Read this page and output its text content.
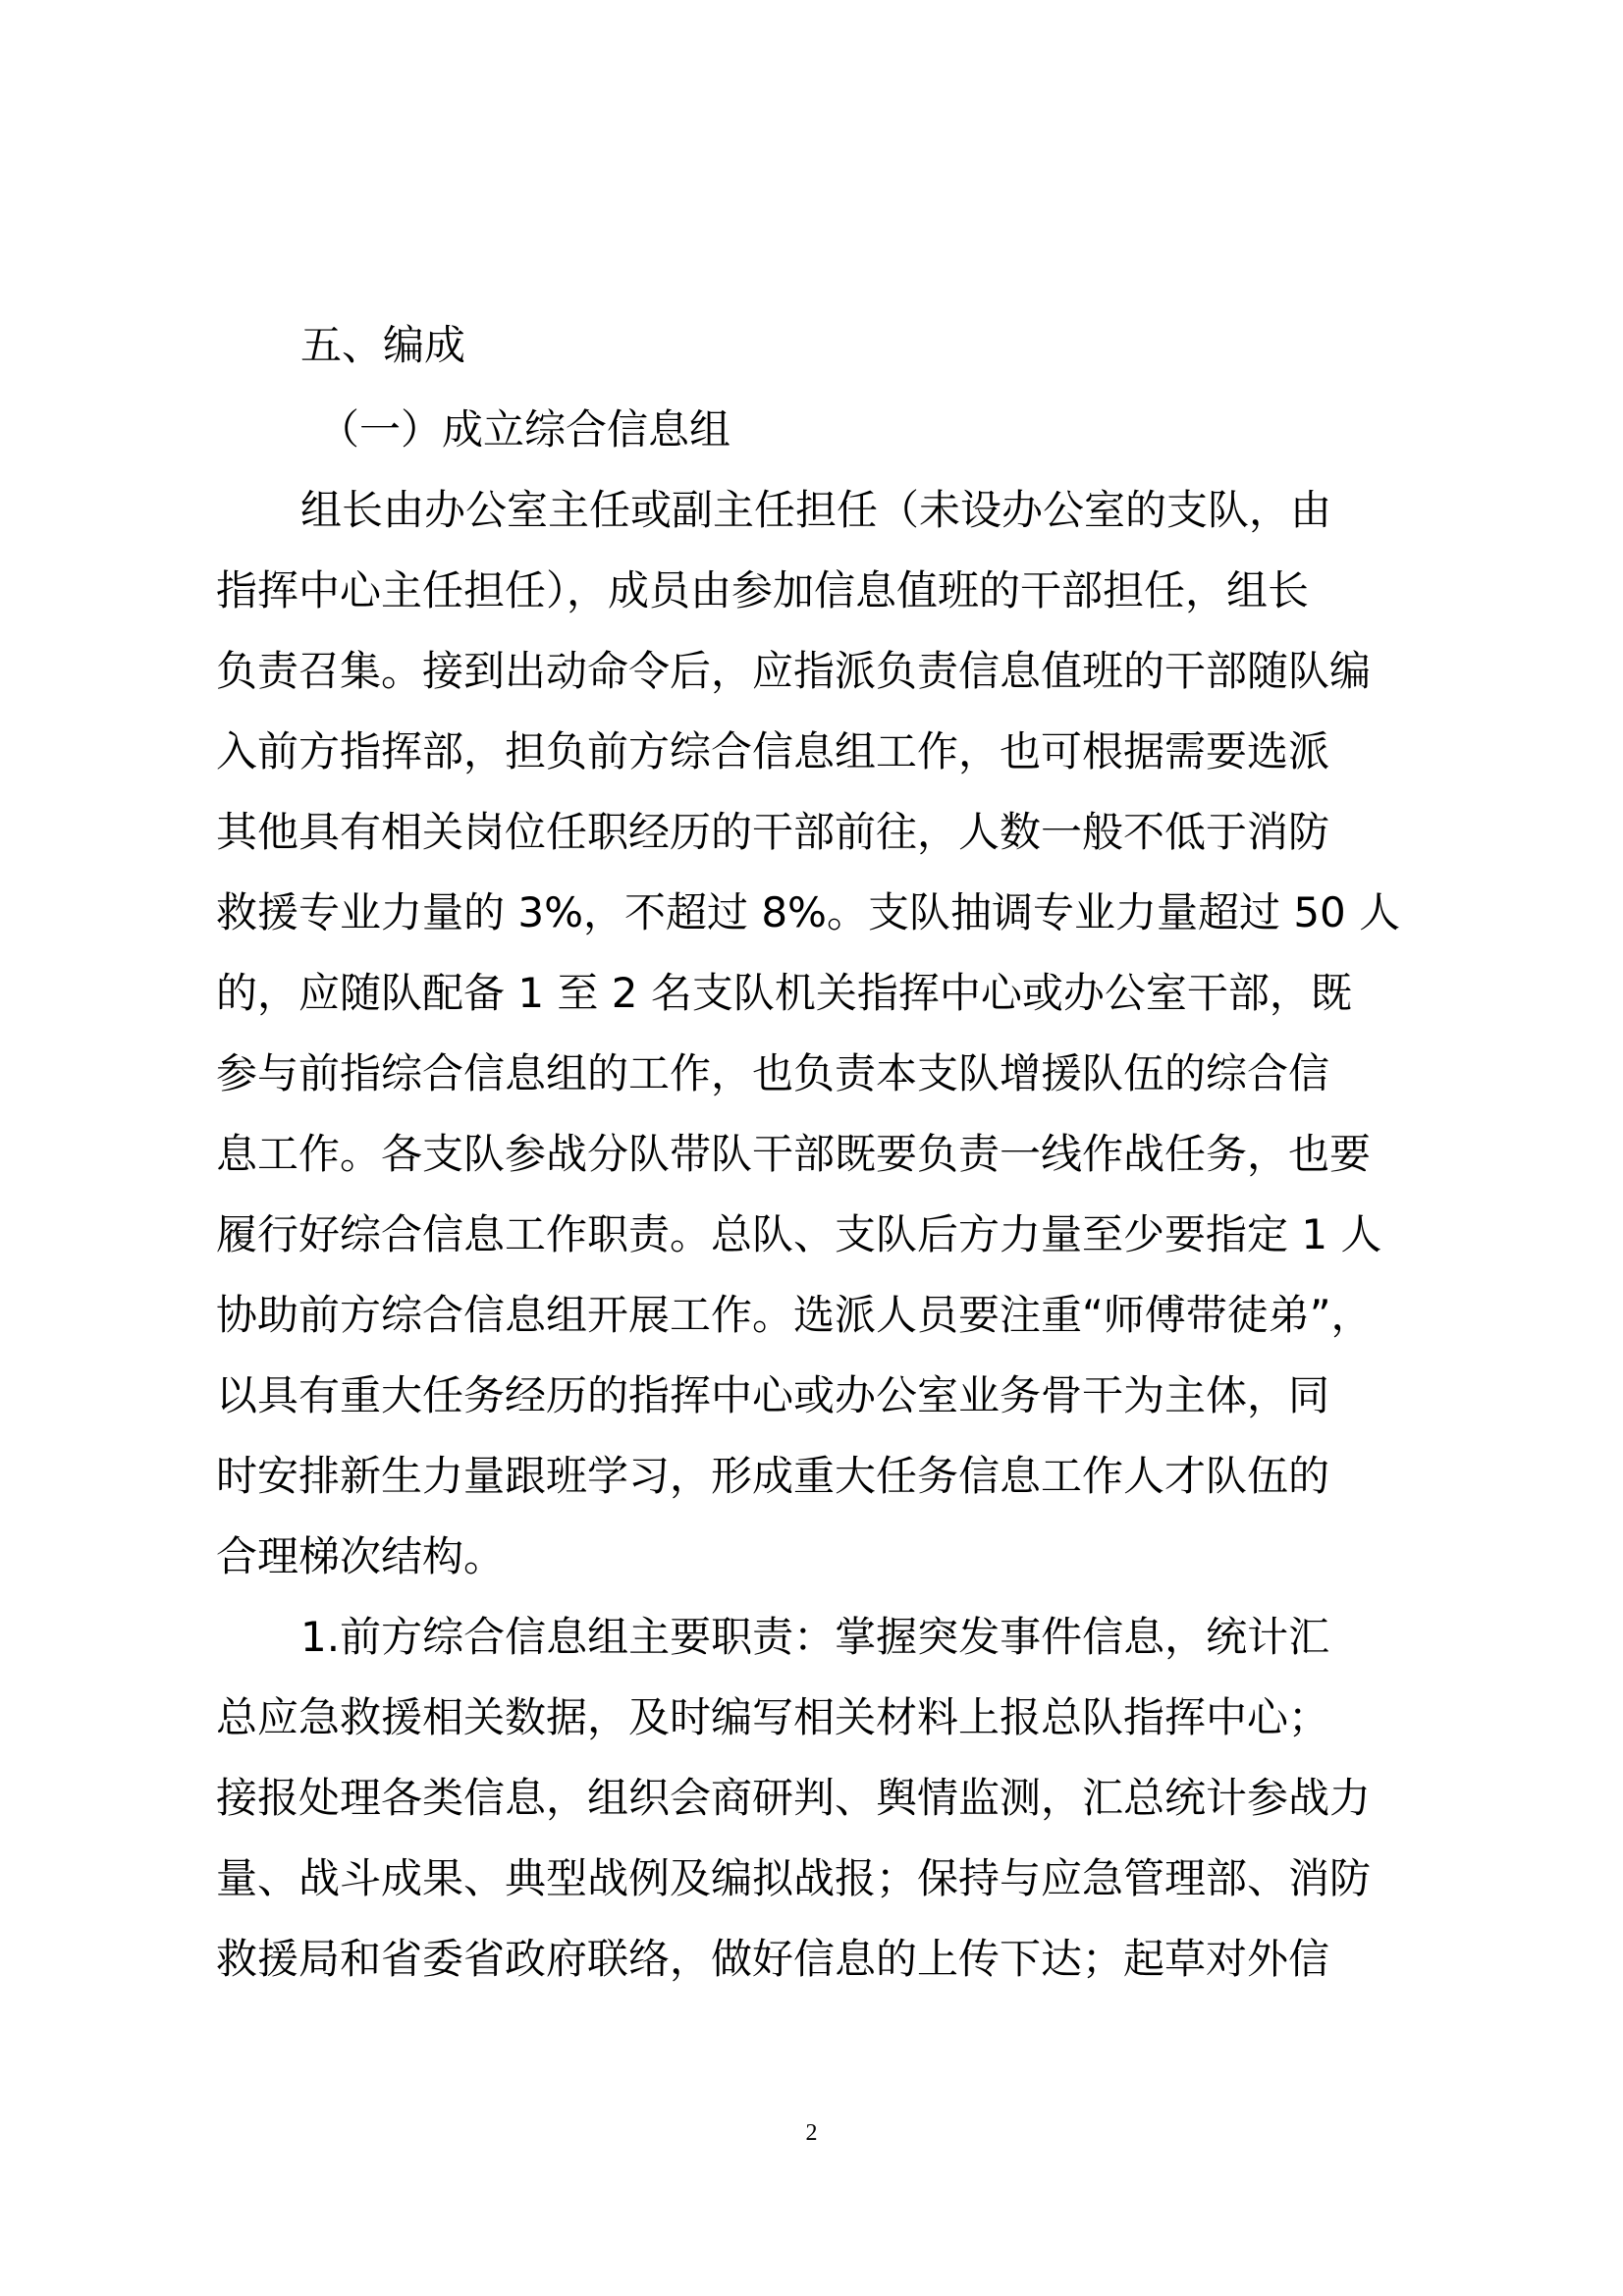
五、编成
（一）成立综合信息组
组长由办公室主任或副主任担任（未设办公室的支队，由
指挥中心主任担任），成员由参加信息值班的干部担任，组长
负责召集。接到出动命令后，应指派负责信息值班的干部随队编
入前方指挥部，担负前方综合信息组工作，也可根据需要选派
其他具有相关岗位任职经历的干部前往，人数一般不低于消防
救援专业力量的 3%，不超过 8%。支队抽调专业力量超过 50 人
的，应随队配备 1 至 2 名支队机关指挥中心或办公室干部，既
参与前指综合信息组的工作，也负责本支队增援队伍的综合信
息工作。各支队参战分队带队干部既要负责一线作战任务，也要
履行好综合信息工作职责。总队、支队后方力量至少要指定 1 人
协助前方综合信息组开展工作。选派人员要注重“师傅带徒弟”，
以具有重大任务经历的指挥中心或办公室业务骨干为主体，同
时安排新生力量跟班学习，形成重大任务信息工作人才队伍的
合理梯次结构。
1.前方综合信息组主要职责：掌握突发事件信息，统计汇
总应急救援相关数据，及时编写相关材料上报总队指挥中心；
接报处理各类信息，组织会商研判、舆情监测，汇总统计参战力
量、战斗成果、典型战例及编拟战报；保持与应急管理部、消防
救援局和省委省政府联络，做好信息的上传下达；起草对外信
2
